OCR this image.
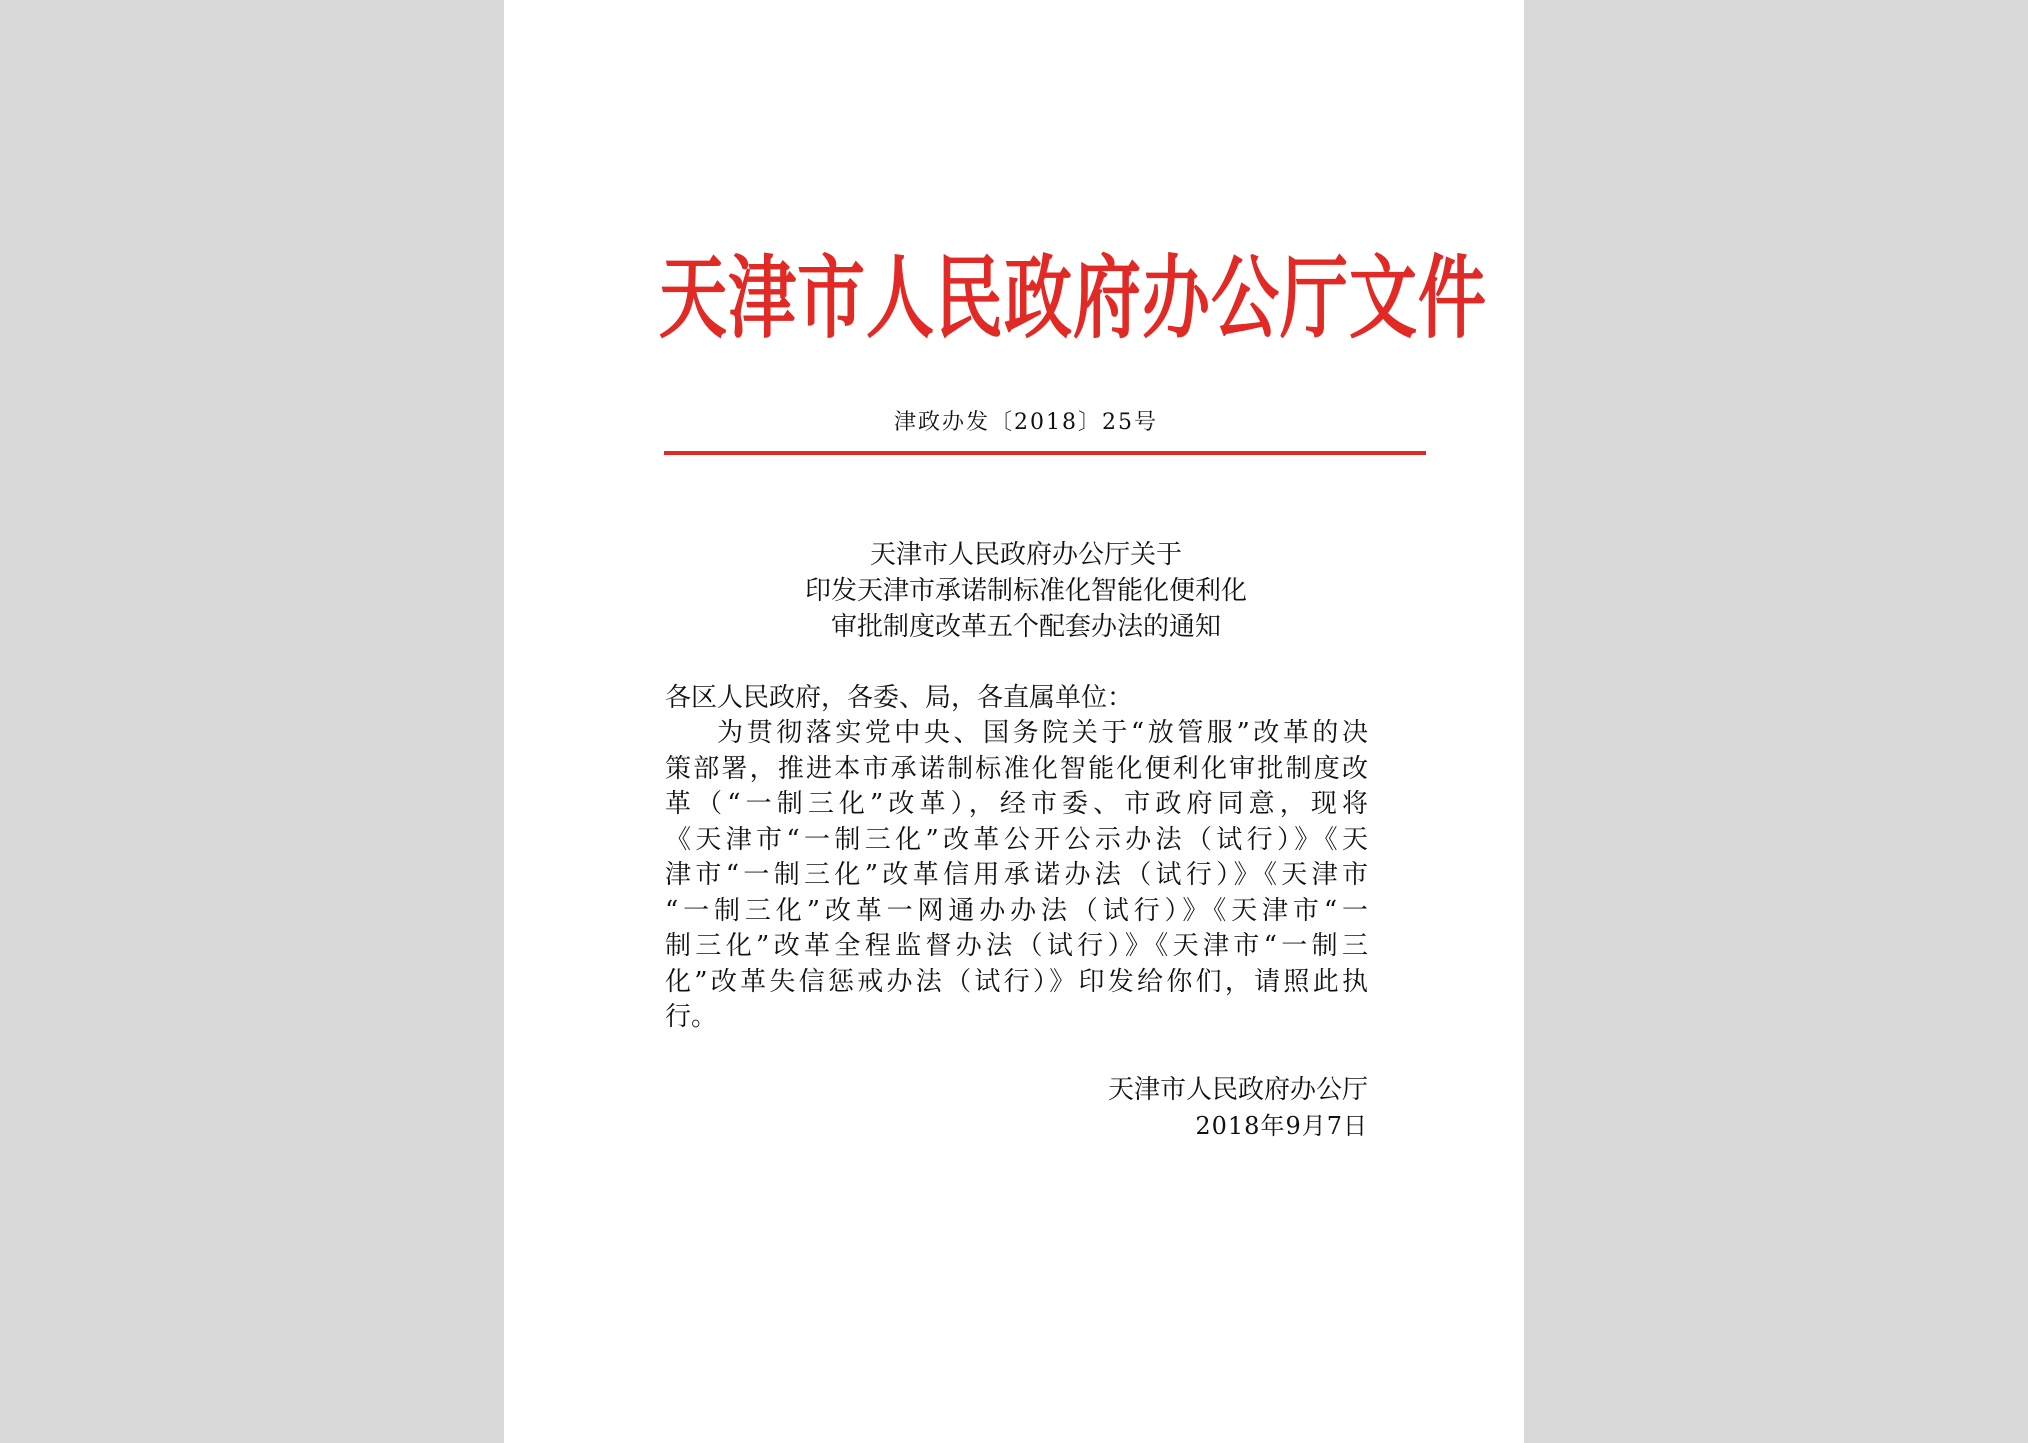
天津市人民政府办公厅文件
津政办发〔2018〕25号
天津市人民政府办公厅关于
印发天津市承诺制标准化智能化便利化
审批制度改革五个配套办法的通知
各区人民政府，各委、局，各直属单位：
为贯彻落实党中央、国务院关于“放管服”改革的决
策部署，推进本市承诺制标准化智能化便利化审批制度改
革（“一制三化”改革），经市委、市政府同意，现将
《天津市“一制三化”改革公开公示办法（试行）》《天
津市“一制三化”改革信用承诺办法（试行）》《天津市
“一制三化”改革一网通办办法（试行）》《天津市“一
制三化”改革全程监督办法（试行）》《天津市“一制三
化”改革失信惩戒办法（试行）》印发给你们，请照此执
行。
天津市人民政府办公厅
2018年9月7日
